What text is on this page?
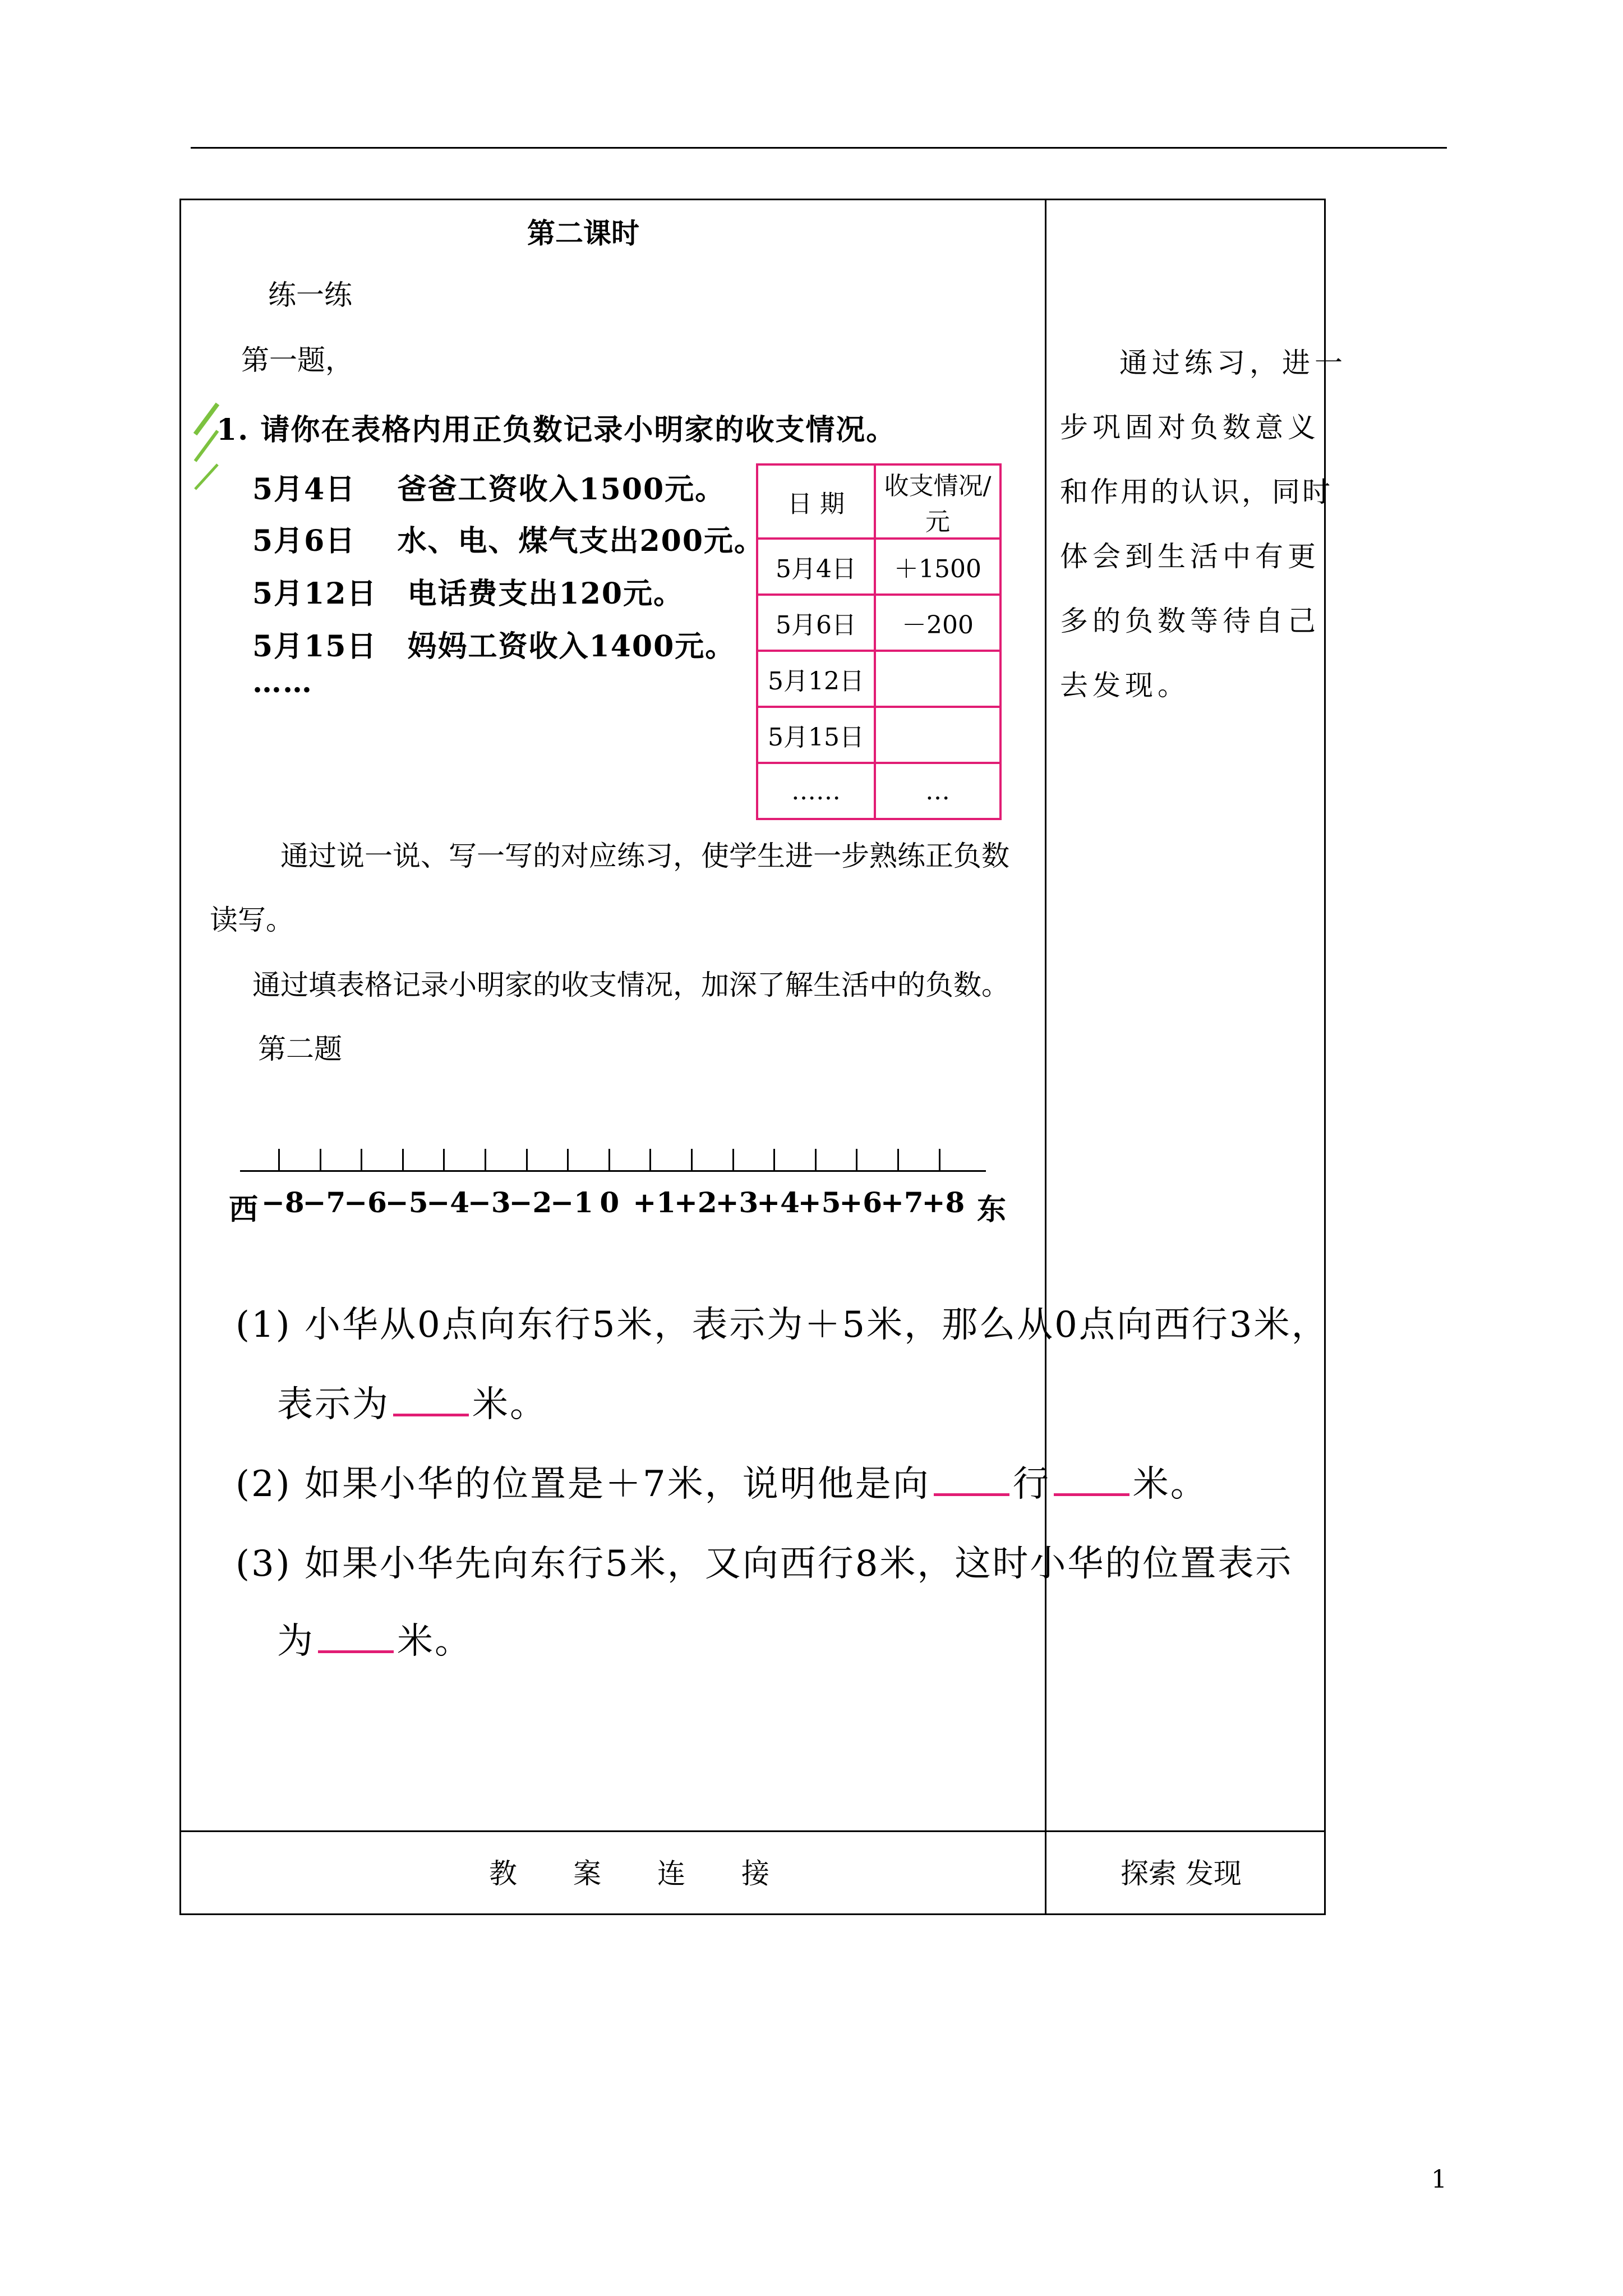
第二课时
练一练
第一题，
1. 请你在表格内用正负数记录小明家的收支情况。
5月4日　 爸爸工资收入1500元。
5月6日　 水、电、煤气支出200元。
5月12日　电话费支出120元。
5月15日　妈妈工资收入1400元。
……
日 期	收支情况/元
5月4日	＋1500
5月6日	－200
5月12日	
5月15日	
……	…
通过说一说、写一写的对应练习，使学生进一步熟练正负数
读写。
通过填表格记录小明家的收支情况，加深了解生活中的负数。
第二题
西	东
(1) 小华从0点向东行5米，表示为＋5米，那么从0点向西行3米，
表示为 米。
(2) 如果小华的位置是＋7米，说明他是向 行 米。
(3) 如果小华先向东行5米，又向西行8米，这时小华的位置表示
为 米。
通过练习，进一
步巩固对负数意义
和作用的认识，同时
体会到生活中有更
多的负数等待自己
去发现。
教　　案　　连　　接	探索 发现
1
−8
−7
−6
−5
−4
−3
−2
−1 0 +1
+2
+3
+4
+5
+6
+7
+8
